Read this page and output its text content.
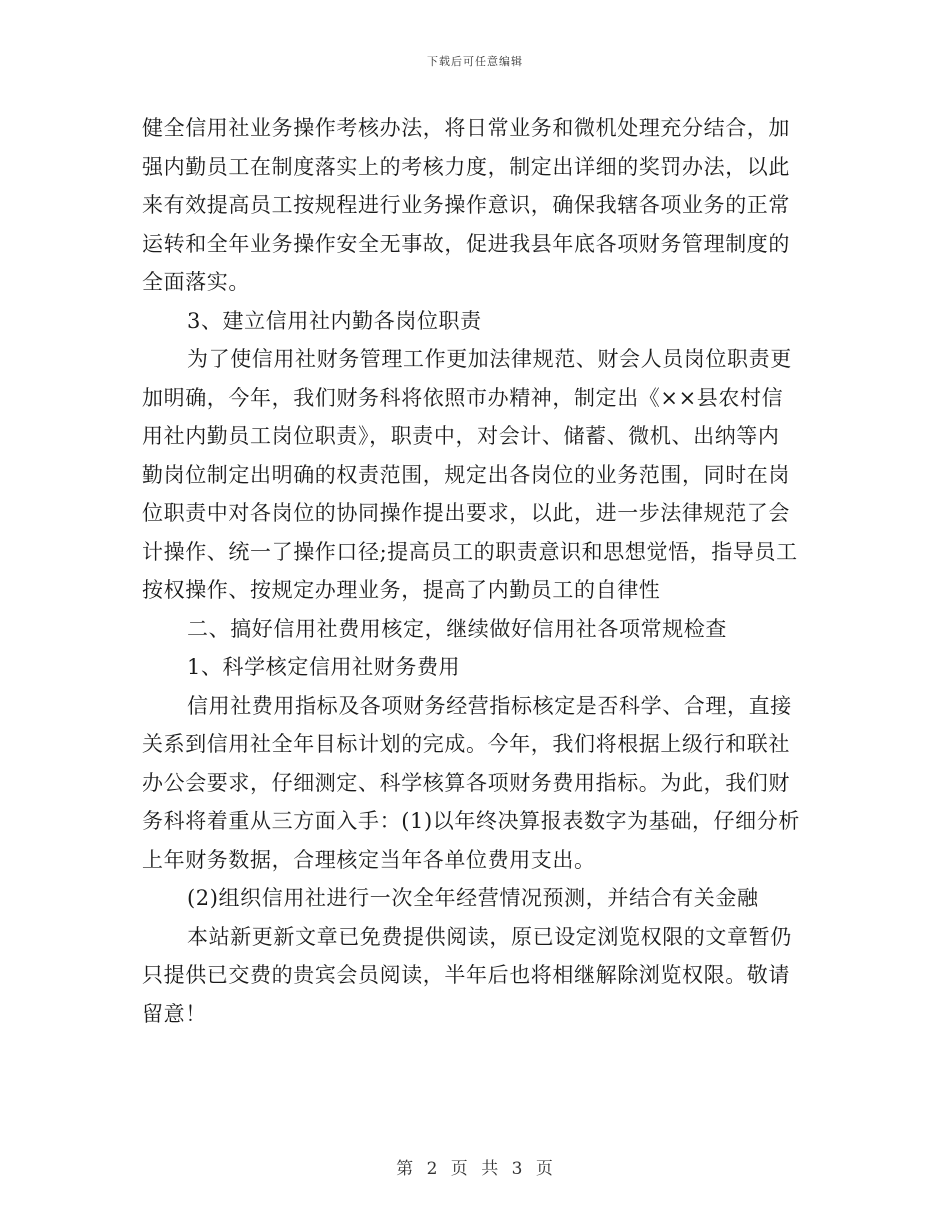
下载后可任意编辑
健全信用社业务操作考核办法，将日常业务和微机处理充分结合，加
强内勤员工在制度落实上的考核力度，制定出详细的奖罚办法，以此
来有效提高员工按规程进行业务操作意识，确保我辖各项业务的正常
运转和全年业务操作安全无事故，促进我县年底各项财务管理制度的
全面落实。
3、建立信用社内勤各岗位职责
为了使信用社财务管理工作更加法律规范、财会人员岗位职责更
加明确，今年，我们财务科将依照市办精神，制定出《××县农村信
用社内勤员工岗位职责》，职责中，对会计、储蓄、微机、出纳等内
勤岗位制定出明确的权责范围，规定出各岗位的业务范围，同时在岗
位职责中对各岗位的协同操作提出要求，以此，进一步法律规范了会
计操作、统一了操作口径;提高员工的职责意识和思想觉悟，指导员工
按权操作、按规定办理业务，提高了内勤员工的自律性
二、搞好信用社费用核定，继续做好信用社各项常规检查
1、科学核定信用社财务费用
信用社费用指标及各项财务经营指标核定是否科学、合理，直接
关系到信用社全年目标计划的完成。今年，我们将根据上级行和联社
办公会要求，仔细测定、科学核算各项财务费用指标。为此，我们财
务科将着重从三方面入手：(1)以年终决算报表数字为基础，仔细分析
上年财务数据，合理核定当年各单位费用支出。
(2)组织信用社进行一次全年经营情况预测，并结合有关金融
本站新更新文章已免费提供阅读，原已设定浏览权限的文章暂仍
只提供已交费的贵宾会员阅读，半年后也将相继解除浏览权限。敬请
留意！
第 2 页 共 3 页
